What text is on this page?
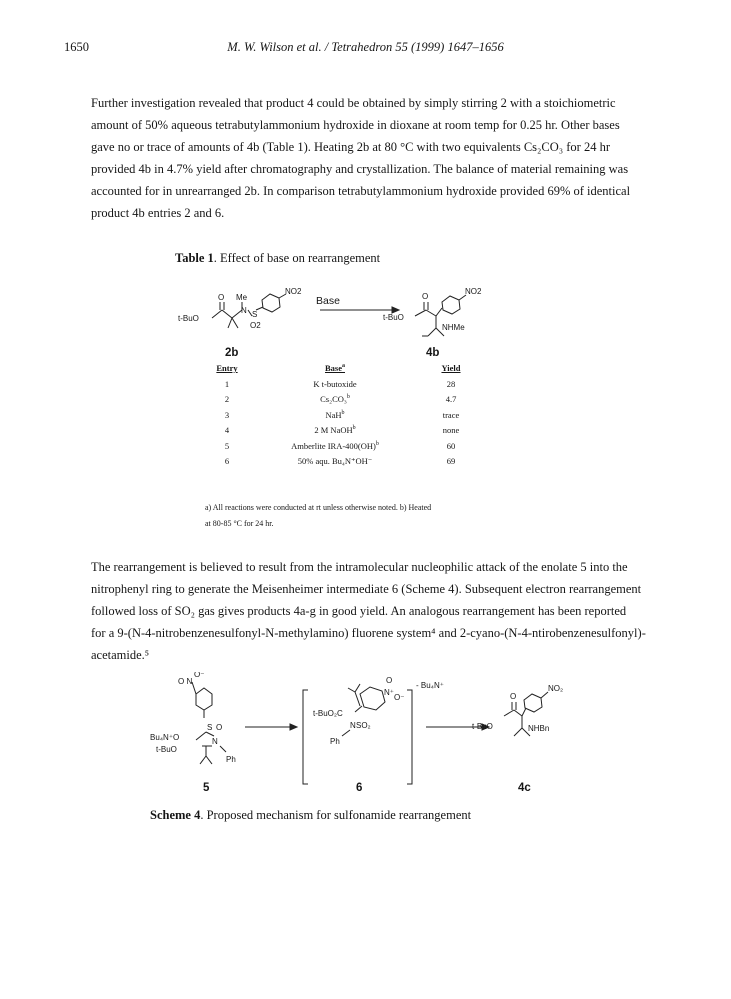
1650	M. W. Wilson et al. / Tetrahedron 55 (1999) 1647–1656
Further investigation revealed that product 4 could be obtained by simply stirring 2 with a stoichiometric
amount of 50% aqueous tetrabutylammonium hydroxide in dioxane at room temp for 0.25 hr. Other bases
gave no or trace of amounts of 4b (Table 1). Heating 2b at 80 °C with two equivalents Cs₂CO₃ for 24 hr
provided 4b in 4.7% yield after chromatography and crystallization. The balance of material remaining was
accounted for in unrearranged 2b. In comparison tetrabutylammonium hydroxide provided 69% of identical
product 4b entries 2 and 6.
Table 1. Effect of base on rearrangement
t-BuO
O Me
N S
O2
NO2
Base
t-BuO
O
NO2
NHMe
2b	4b
Entry	Base$^a$	Yield
1	K t-butoxide	28
2	Cs₂CO₃$^b$	4.7
3	NaH$^b$	trace
4	2 M NaOH$^b$	none
5	Amberlite IRA-400(OH)$^b$	60
6	50% aqu. Bu₄N⁺OH⁻	69
a) All reactions were conducted at rt unless otherwise noted. b) Heated
at 80-85 °C for 24 hr.
The rearrangement is believed to result from the intramolecular nucleophilic attack of the enolate 5 into the
nitrophenyl ring to generate the Meisenheimer intermediate 6 (Scheme 4). Subsequent electron rearrangement
followed loss of SO₂ gas gives products 4a-g in good yield. An analogous rearrangement has been reported
for a 9-(N-4-nitrobenzenesulfonyl-N-methylamino) fluorene system⁴ and 2-cyano-(N-4-ntirobenzenesulfonyl)-
acetamide.⁵
O N
O⁻
Bu₄N⁺O
t-BuO
S O
N
Ph
t-BuO₂C
N SO₂
Ph
N⁺
O⁻
O
- Bu₄N⁺
t-BuO
O
NHBn
NO₂
5	6	4c
Scheme 4. Proposed mechanism for sulfonamide rearrangement
